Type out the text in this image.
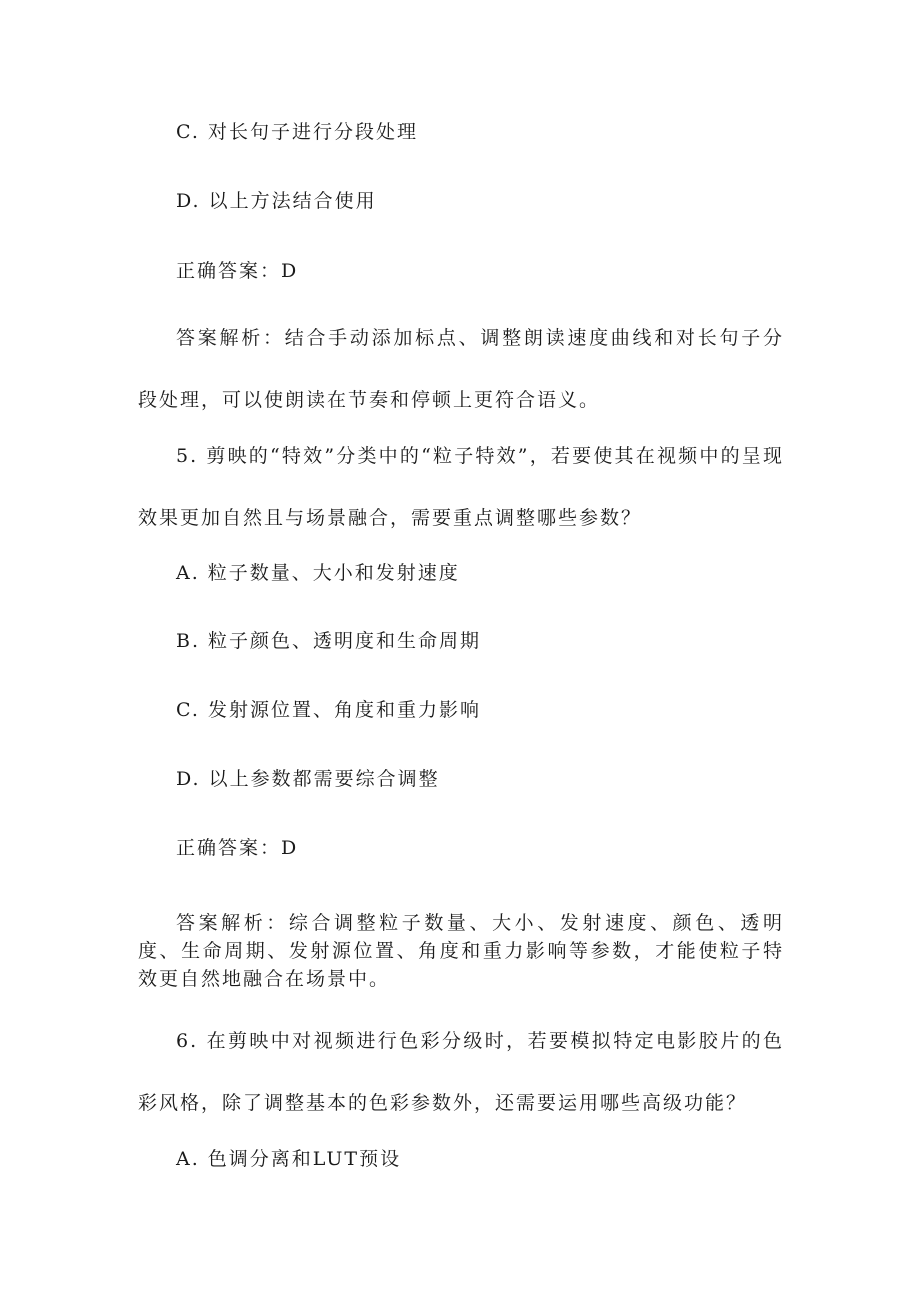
C. 对长句子进行分段处理
D. 以上方法结合使用
正确答案：D
答案解析：结合手动添加标点、调整朗读速度曲线和对长句子分段处理，可以使朗读在节奏和停顿上更符合语义。
5. 剪映的“特效”分类中的“粒子特效”，若要使其在视频中的呈现效果更加自然且与场景融合，需要重点调整哪些参数？
A. 粒子数量、大小和发射速度
B. 粒子颜色、透明度和生命周期
C. 发射源位置、角度和重力影响
D. 以上参数都需要综合调整
正确答案：D
答案解析：综合调整粒子数量、大小、发射速度、颜色、透明度、生命周期、发射源位置、角度和重力影响等参数，才能使粒子特效更自然地融合在场景中。
6. 在剪映中对视频进行色彩分级时，若要模拟特定电影胶片的色彩风格，除了调整基本的色彩参数外，还需要运用哪些高级功能？
A. 色调分离和LUT预设
